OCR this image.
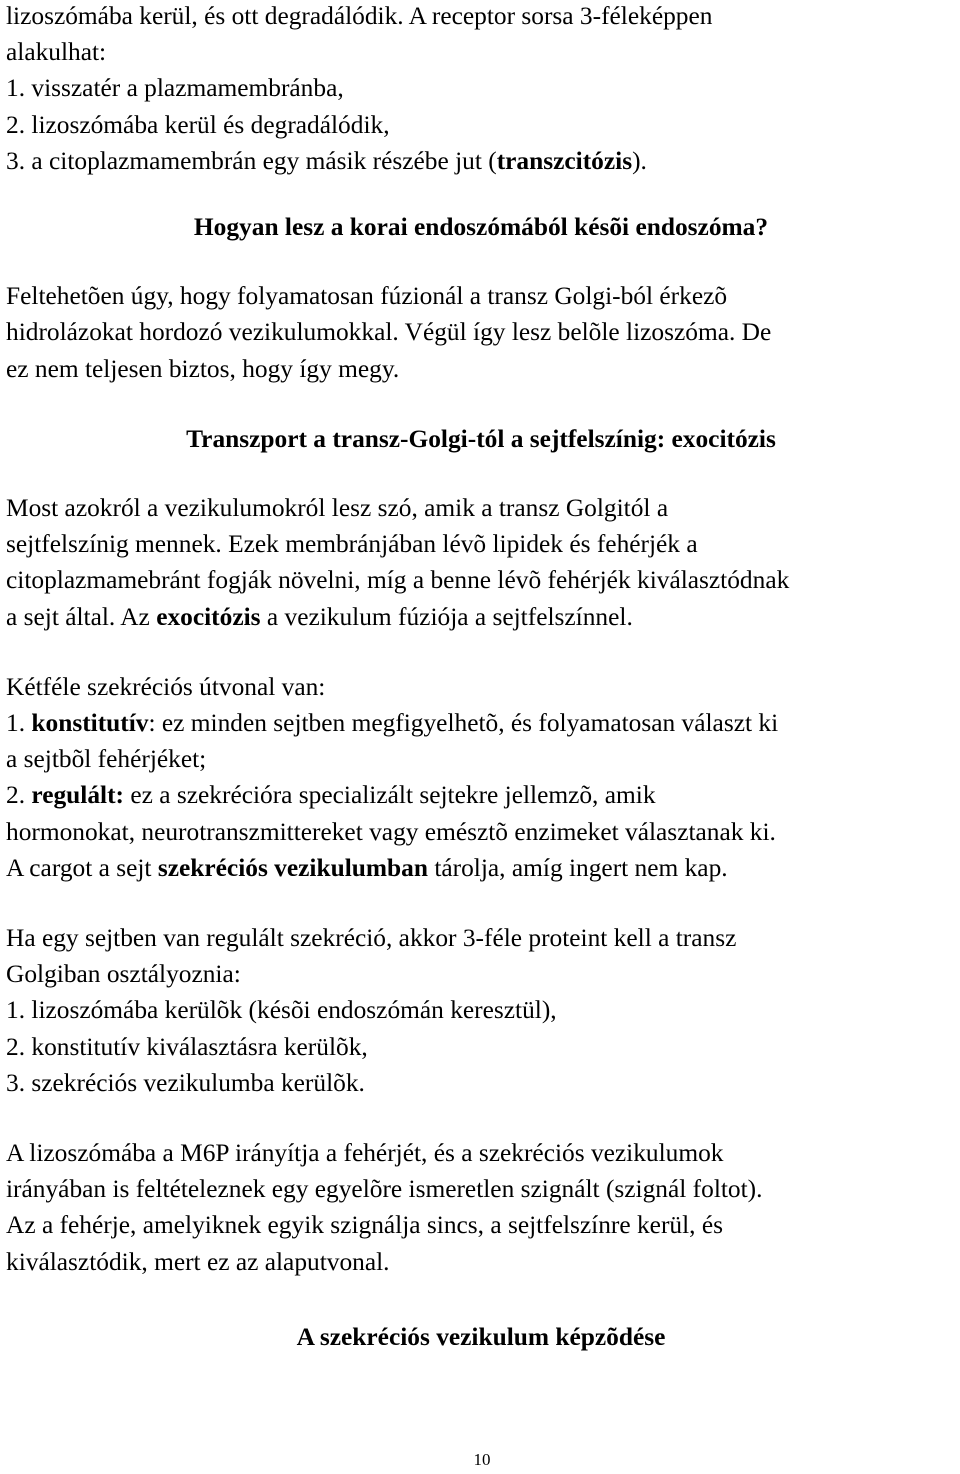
lizoszómába kerül, és ott degradálódik. A receptor sorsa 3-féleképpen

alakulhat:

1. visszatér a plazmamembránba,

2. lizoszómába kerül és degradálódik,

3. a citoplazmamembrán egy másik részébe jut (transzcitózis).

Hogyan lesz a korai endoszómából késõi endoszóma?

Feltehetõen úgy, hogy folyamatosan fúzionál a transz Golgi-ból érkezõ

hidrolázokat hordozó vezikulumokkal. Végül így lesz belõle lizoszóma. De

ez nem teljesen biztos, hogy így megy.

Transzport a transz-Golgi-tól a sejtfelszínig: exocitózis

Most azokról a vezikulumokról lesz szó, amik a transz Golgitól a

sejtfelszínig mennek. Ezek membránjában lévõ lipidek és fehérjék a

citoplazmamebránt fogják növelni, míg a benne lévõ fehérjék kiválasztódnak

a sejt által. Az exocitózis a vezikulum fúziója a sejtfelszínnel.

Kétféle szekréciós útvonal van:

1. konstitutív: ez minden sejtben megfigyelhetõ, és folyamatosan választ ki

a sejtbõl fehérjéket;

2. regulált: ez a szekrécióra specializált sejtekre jellemzõ, amik

hormonokat, neurotranszmittereket vagy emésztõ enzimeket választanak ki.

A cargot a sejt szekréciós vezikulumban tárolja, amíg ingert nem kap.

Ha egy sejtben van regulált szekréció, akkor 3-féle proteint kell a transz

Golgiban osztályoznia:

1. lizoszómába kerülõk (késõi endoszómán keresztül),

2. konstitutív kiválasztásra kerülõk,

3. szekréciós vezikulumba kerülõk.

A lizoszómába a M6P irányítja a fehérjét, és a szekréciós vezikulumok

irányában is feltételeznek egy egyelõre ismeretlen szignált (szignál foltot).

Az a fehérje, amelyiknek egyik szignálja sincs, a sejtfelszínre kerül, és

kiválasztódik, mert ez az alaputvonal.

A szekréciós vezikulum képzõdése

10
